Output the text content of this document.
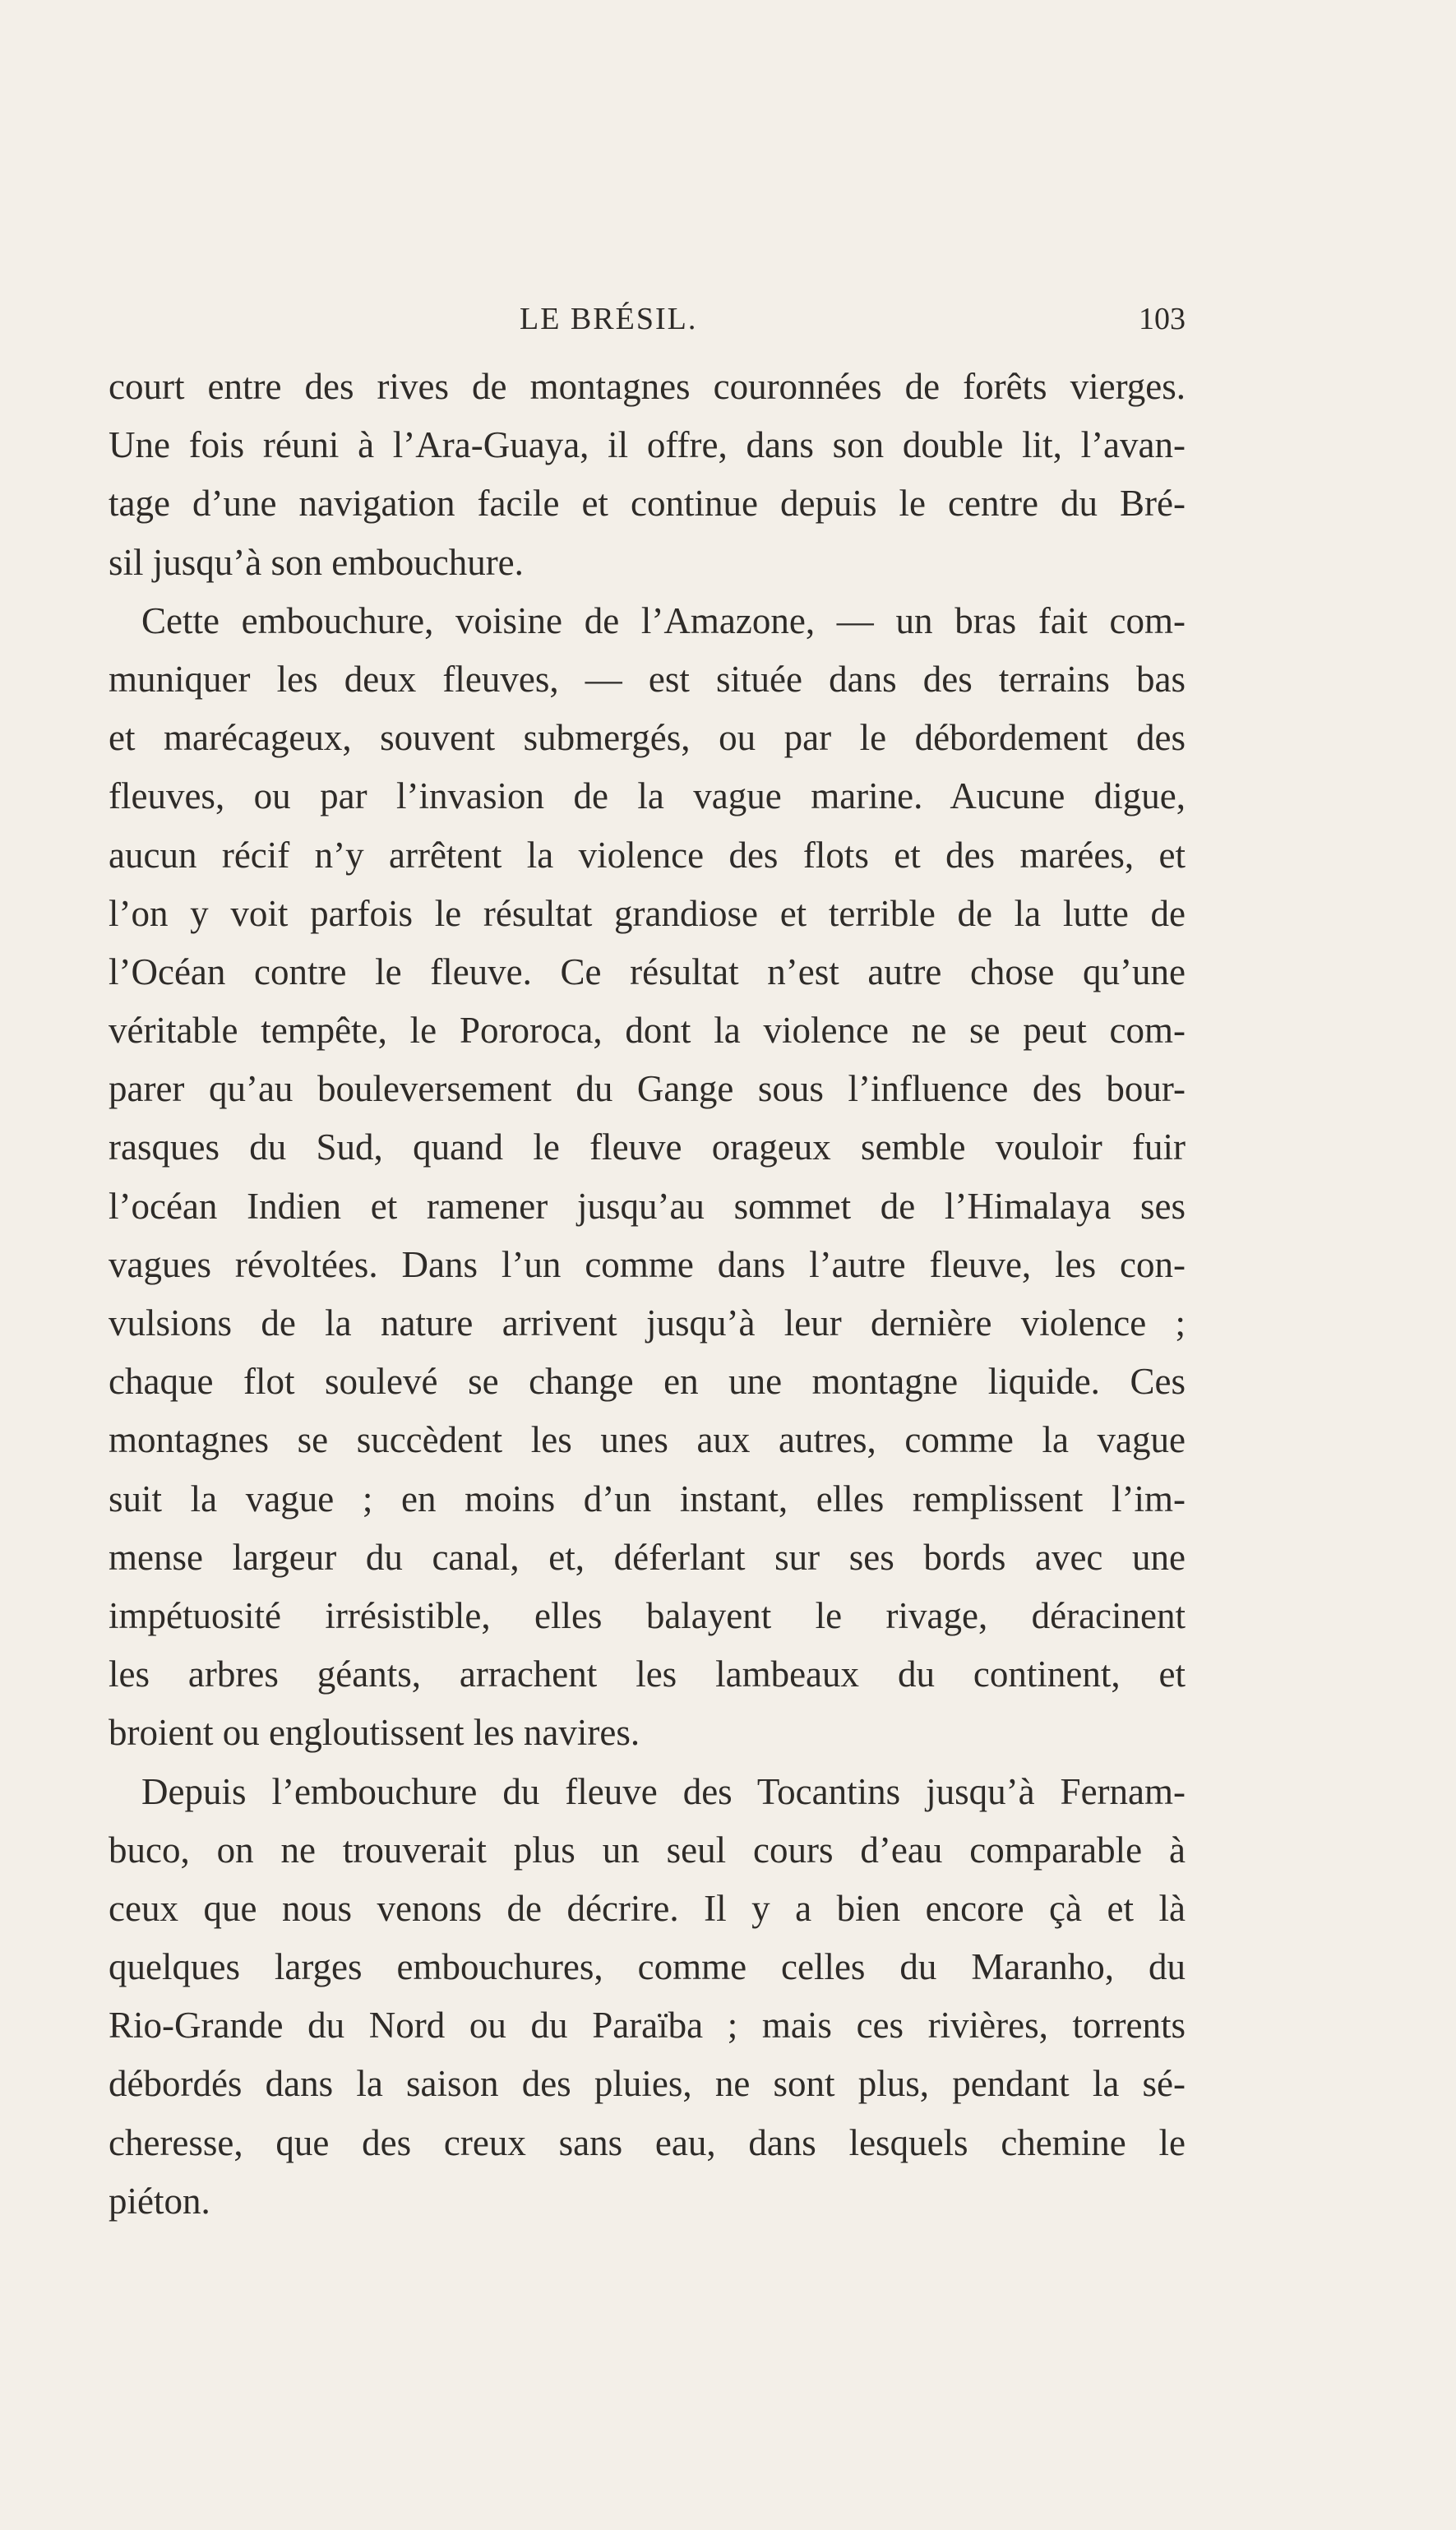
LE BRÉSIL.	103
court entre des rives de montagnes couronnées de forêts vierges.
Une fois réuni à l’Ara-Guaya, il offre, dans son double lit, l’avan-
tage d’une navigation facile et continue depuis le centre du Bré-
sil jusqu’à son embouchure.
Cette embouchure, voisine de l’Amazone, — un bras fait com-
muniquer les deux fleuves, — est située dans des terrains bas
et marécageux, souvent submergés, ou par le débordement des
fleuves, ou par l’invasion de la vague marine. Aucune digue,
aucun récif n’y arrêtent la violence des flots et des marées, et
l’on y voit parfois le résultat grandiose et terrible de la lutte de
l’Océan contre le fleuve. Ce résultat n’est autre chose qu’une
véritable tempête, le Pororoca, dont la violence ne se peut com-
parer qu’au bouleversement du Gange sous l’influence des bour-
rasques du Sud, quand le fleuve orageux semble vouloir fuir
l’océan Indien et ramener jusqu’au sommet de l’Himalaya ses
vagues révoltées. Dans l’un comme dans l’autre fleuve, les con-
vulsions de la nature arrivent jusqu’à leur dernière violence ;
chaque flot soulevé se change en une montagne liquide. Ces
montagnes se succèdent les unes aux autres, comme la vague
suit la vague ; en moins d’un instant, elles remplissent l’im-
mense largeur du canal, et, déferlant sur ses bords avec une
impétuosité irrésistible, elles balayent le rivage, déracinent
les arbres géants, arrachent les lambeaux du continent, et
broient ou engloutissent les navires.
Depuis l’embouchure du fleuve des Tocantins jusqu’à Fernam-
buco, on ne trouverait plus un seul cours d’eau comparable à
ceux que nous venons de décrire. Il y a bien encore çà et là
quelques larges embouchures, comme celles du Maranho, du
Rio-Grande du Nord ou du Paraïba ; mais ces rivières, torrents
débordés dans la saison des pluies, ne sont plus, pendant la sé-
cheresse, que des creux sans eau, dans lesquels chemine le
piéton.
